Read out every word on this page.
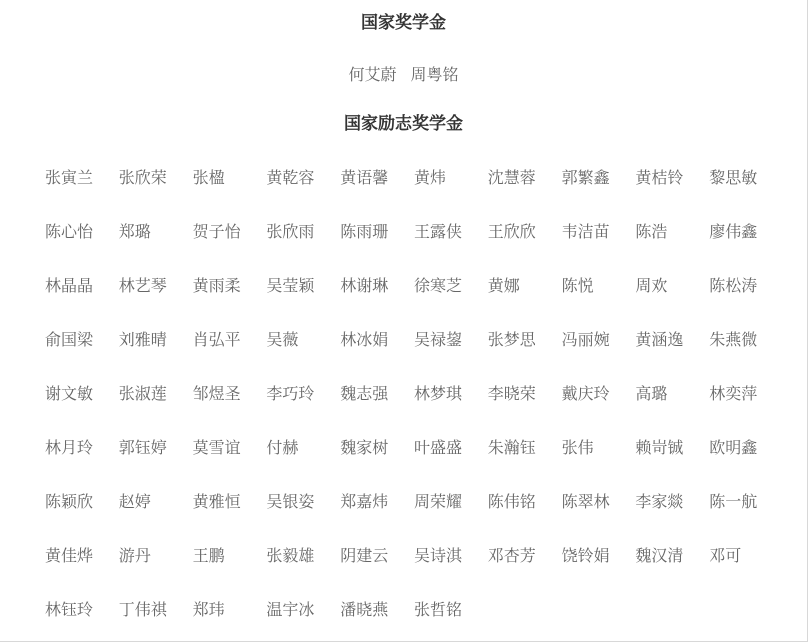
国家奖学金
何艾蔚 周粤铭
国家励志奖学金
张寅兰	张欣荣	张楹	黄乾容	黄语馨	黄炜	沈慧蓉	郭繁鑫	黄桔铃	黎思敏
陈心怡	郑璐	贺子怡	张欣雨	陈雨珊	王露侠	王欣欣	韦洁苗	陈浩	廖伟鑫
林晶晶	林艺琴	黄雨柔	吴莹颖	林谢琳	徐寒芝	黄娜	陈悦	周欢	陈松涛
俞国梁	刘雅晴	肖弘平	吴薇	林冰娟	吴禄鋆	张梦思	冯丽婉	黄涵逸	朱燕微
谢文敏	张淑莲	邹煜圣	李巧玲	魏志强	林梦琪	李晓荣	戴庆玲	高璐	林奕萍
林月玲	郭钰婷	莫雪谊	付赫	魏家树	叶盛盛	朱瀚钰	张伟	赖岢铖	欧明鑫
陈颖欣	赵婷	黄雅恒	吴银姿	郑嘉炜	周荣耀	陈伟铭	陈翠林	李家燚	陈一航
黄佳烨	游丹	王鹏	张毅雄	阴建云	吴诗淇	邓杏芳	饶铃娟	魏汉清	邓可
林钰玲	丁伟祺	郑玮	温宇冰	潘晓燕	张哲铭
